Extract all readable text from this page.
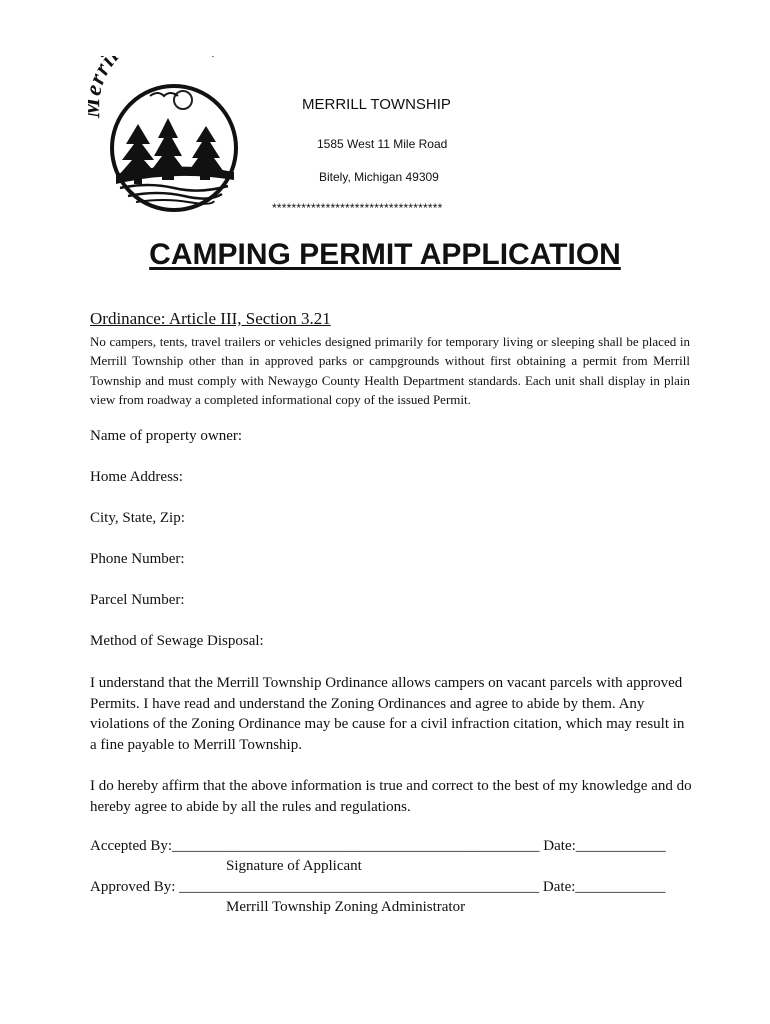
ri
MERRILL TOWNSHIP
1585 West 11 Mile Road
Bitely, Michigan 49309
***********************************
CAMPING PERMIT APPLICATION
Ordinance: Article III, Section 3.21
No campers, tents, travel trailers or vehicles designed primarily for temporary living or sleeping shall be placed in Merrill Township other than in approved parks or campgrounds without first obtaining a permit from Merrill Township and must comply with Newaygo County Health Department standards. Each unit shall display in plain view from roadway a completed informational copy of the issued Permit.
Name of property owner:
Home Address:
City, State, Zip:
Phone Number:
Parcel Number:
Method of Sewage Disposal:
I understand that the Merrill Township Ordinance allows campers on vacant parcels with approved Permits. I have read and understand the Zoning Ordinances and agree to abide by them. Any violations of the Zoning Ordinance may be cause for a civil infraction citation, which may result in a fine payable to Merrill Township.
I do hereby affirm that the above information is true and correct to the best of my knowledge and do hereby agree to abide by all the rules and regulations.
Accepted By:_________________________________________________ Date:____________
Signature of Applicant
Approved By: ________________________________________________ Date:____________
Merrill Township Zoning Administrator
